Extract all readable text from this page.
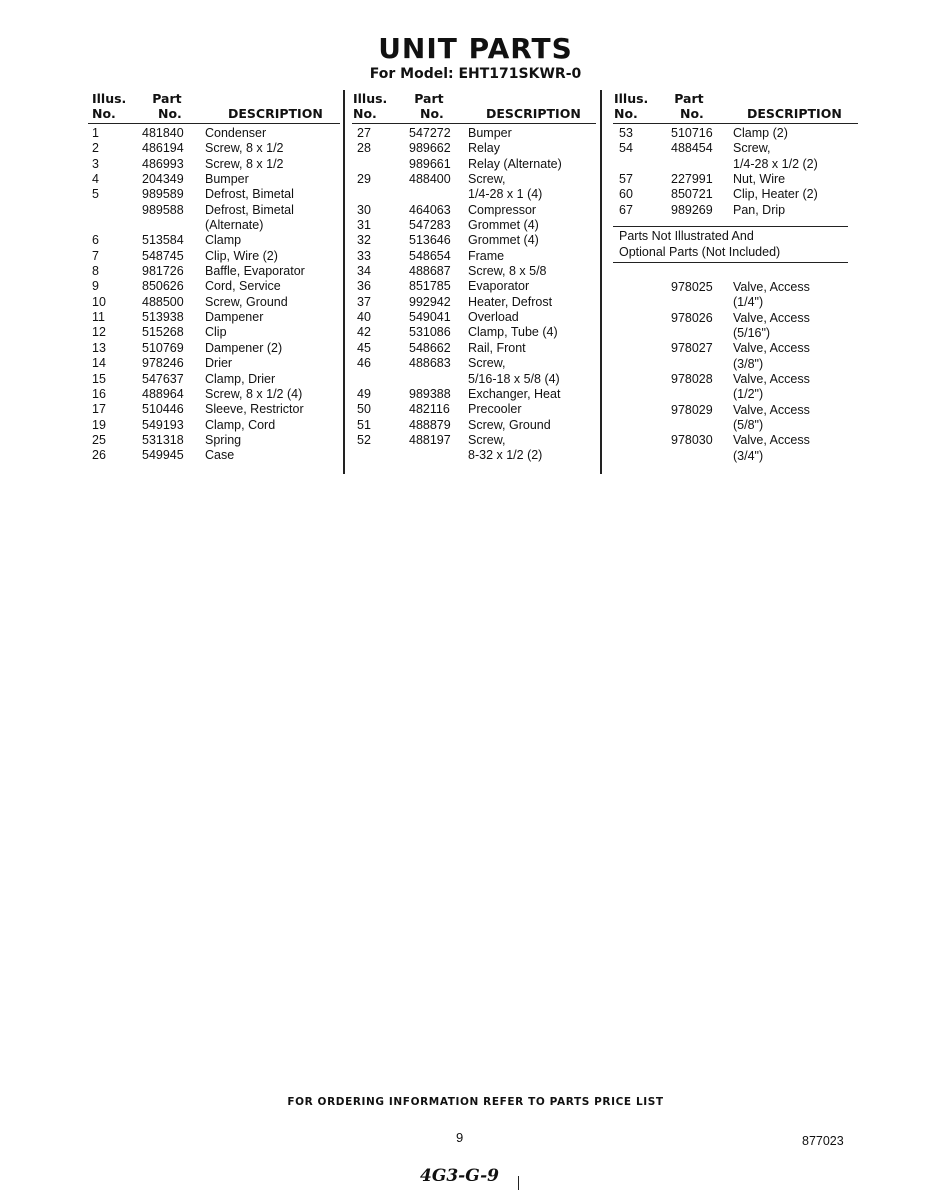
UNIT PARTS
For Model: EHT171SKWR-0
Illus.
No.
Part
No.	DESCRIPTION
Illus.
No.
Part
No.	DESCRIPTION
Illus.
No.
Part
No.	DESCRIPTION
1	481840 Condenser
2	486194 Screw, 8 x 1/2
3	486993 Screw, 8 x 1/2
4	204349 Bumper
5	989589 Defrost, Bimetal
989588 Defrost, Bimetal
(Alternate)
6	513584 Clamp
7	548745 Clip, Wire (2)
8	981726 Baffle, Evaporator
9	850626 Cord, Service
10	488500 Screw, Ground
11	513938 Dampener
12	515268 Clip
13	510769 Dampener (2)
14	978246 Drier
15	547637 Clamp, Drier
16	488964 Screw, 8 x 1/2 (4)
17	510446 Sleeve, Restrictor
19	549193 Clamp, Cord
25	531318 Spring
26	549945 Case
27	547272 Bumper
28	989662 Relay
989661 Relay (Alternate)
29	488400 Screw,
1/4-28 x 1 (4)
30	464063 Compressor
31	547283 Grommet (4)
32	513646 Grommet (4)
33	548654 Frame
34	488687 Screw, 8 x 5/8
36	851785 Evaporator
37	992942 Heater, Defrost
40	549041 Overload
42	531086 Clamp, Tube (4)
45	548662 Rail, Front
46	488683 Screw,
5/16-18 x 5/8 (4)
49	989388 Exchanger, Heat
50	482116 Precooler
51	488879 Screw, Ground
52	488197 Screw,
8-32 x 1/2 (2)
53	510716 Clamp (2)
54	488454 Screw,
1/4-28 x 1/2 (2)
57	227991 Nut, Wire
60	850721 Clip, Heater (2)
67	989269 Pan, Drip
Parts Not Illustrated And
Optional Parts (Not Included)
978025 Valve, Access
(1/4")
978026 Valve, Access
(5/16")
978027 Valve, Access
(3/8")
978028 Valve, Access
(1/2")
978029 Valve, Access
(5/8")
978030 Valve, Access
(3/4")
FOR ORDERING INFORMATION REFER TO PARTS PRICE LIST
9	877023
4G3-G-9
